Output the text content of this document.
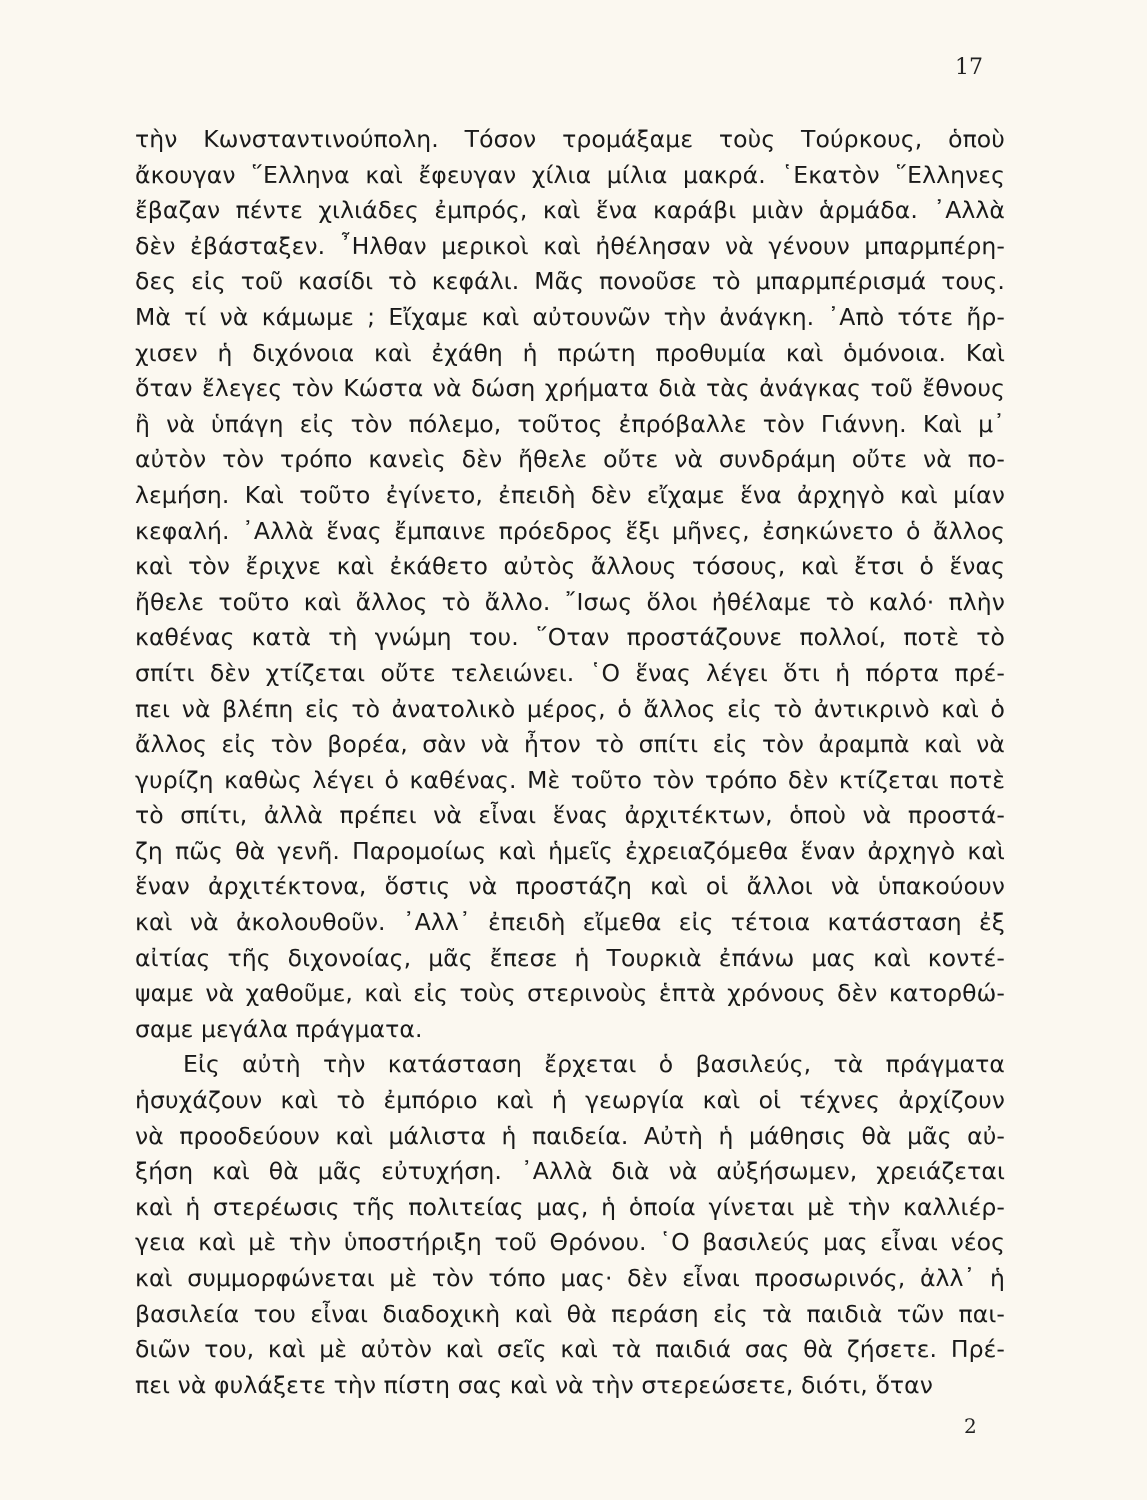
17
τὴν Κωνσταντινούπολη. Τόσον τρομάξαμε τοὺς Τούρκους, ὁποὺ
ἄκουγαν ῞Ελληνα καὶ ἔφευγαν χίλια μίλια μακρά. ῾Εκατὸν ῞Ελληνες
ἔβαζαν πέντε χιλιάδες ἐμπρός, καὶ ἕνα καράβι μιὰν ἁρμάδα. ᾿Αλλὰ
δὲν ἐβάσταξεν. ῏Ηλθαν μερικοὶ καὶ ἠθέλησαν νὰ γένουν μπαρμπέρη-
δες εἰς τοῦ κασίδι τὸ κεφάλι. Μᾶς πονοῦσε τὸ μπαρμπέρισμά τους.
Μὰ τί νὰ κάμωμε ; Εἴχαμε καὶ αὐτουνῶν τὴν ἀνάγκη. ᾿Απὸ τότε ἤρ-
χισεν ἡ διχόνοια καὶ ἐχάθη ἡ πρώτη προθυμία καὶ ὁμόνοια. Καὶ
ὅταν ἔλεγες τὸν Κώστα νὰ δώση χρήματα διὰ τὰς ἀνάγκας τοῦ ἔθνους
ἢ νὰ ὑπάγη εἰς τὸν πόλεμο, τοῦτος ἐπρόβαλλε τὸν Γιάννη. Καὶ μ᾿
αὐτὸν τὸν τρόπο κανεὶς δὲν ἤθελε οὔτε νὰ συνδράμη οὔτε νὰ πο-
λεμήση. Καὶ τοῦτο ἐγίνετο, ἐπειδὴ δὲν εἴχαμε ἕνα ἀρχηγὸ καὶ μίαν
κεφαλή. ᾿Αλλὰ ἕνας ἔμπαινε πρόεδρος ἕξι μῆνες, ἐσηκώνετο ὁ ἄλλος
καὶ τὸν ἔριχνε καὶ ἐκάθετο αὐτὸς ἄλλους τόσους, καὶ ἔτσι ὁ ἕνας
ἤθελε τοῦτο καὶ ἄλλος τὸ ἄλλο. ῎Ισως ὅλοι ἠθέλαμε τὸ καλό· πλὴν
καθένας κατὰ τὴ γνώμη του. ῞Οταν προστάζουνε πολλοί, ποτὲ τὸ
σπίτι δὲν χτίζεται οὔτε τελειώνει. ῾Ο ἕνας λέγει ὅτι ἡ πόρτα πρέ-
πει νὰ βλέπη εἰς τὸ ἀνατολικὸ μέρος, ὁ ἄλλος εἰς τὸ ἀντικρινὸ καὶ ὁ
ἄλλος εἰς τὸν βορέα, σὰν νὰ ἦτον τὸ σπίτι εἰς τὸν ἀραμπὰ καὶ νὰ
γυρίζη καθὼς λέγει ὁ καθένας. Μὲ τοῦτο τὸν τρόπο δὲν κτίζεται ποτὲ
τὸ σπίτι, ἀλλὰ πρέπει νὰ εἶναι ἕνας ἀρχιτέκτων, ὁποὺ νὰ προστά-
ζη πῶς θὰ γενῆ. Παρομοίως καὶ ἡμεῖς ἐχρειαζόμεθα ἕναν ἀρχηγὸ καὶ
ἕναν ἀρχιτέκτονα, ὅστις νὰ προστάζη καὶ οἱ ἄλλοι νὰ ὑπακούουν
καὶ νὰ ἀκολουθοῦν. ᾿Αλλ᾿ ἐπειδὴ εἴμεθα εἰς τέτοια κατάσταση ἐξ
αἰτίας τῆς διχονοίας, μᾶς ἔπεσε ἡ Τουρκιὰ ἐπάνω μας καὶ κοντέ-
ψαμε νὰ χαθοῦμε, καὶ εἰς τοὺς στερινοὺς ἑπτὰ χρόνους δὲν κατορθώ-
σαμε μεγάλα πράγματα.
Εἰς αὐτὴ τὴν κατάσταση ἔρχεται ὁ βασιλεύς, τὰ πράγματα
ἡσυχάζουν καὶ τὸ ἐμπόριο καὶ ἡ γεωργία καὶ οἱ τέχνες ἀρχίζουν
νὰ προοδεύουν καὶ μάλιστα ἡ παιδεία. Αὐτὴ ἡ μάθησις θὰ μᾶς αὐ-
ξήση καὶ θὰ μᾶς εὐτυχήση. ᾿Αλλὰ διὰ νὰ αὐξήσωμεν, χρειάζεται
καὶ ἡ στερέωσις τῆς πολιτείας μας, ἡ ὁποία γίνεται μὲ τὴν καλλιέρ-
γεια καὶ μὲ τὴν ὑποστήριξη τοῦ Θρόνου. ῾Ο βασιλεύς μας εἶναι νέος
καὶ συμμορφώνεται μὲ τὸν τόπο μας· δὲν εἶναι προσωρινός, ἀλλ᾿ ἡ
βασιλεία του εἶναι διαδοχικὴ καὶ θὰ περάση εἰς τὰ παιδιὰ τῶν παι-
διῶν του, καὶ μὲ αὐτὸν καὶ σεῖς καὶ τὰ παιδιά σας θὰ ζήσετε. Πρέ-
πει νὰ φυλάξετε τὴν πίστη σας καὶ νὰ τὴν στερεώσετε, διότι, ὅταν
2
